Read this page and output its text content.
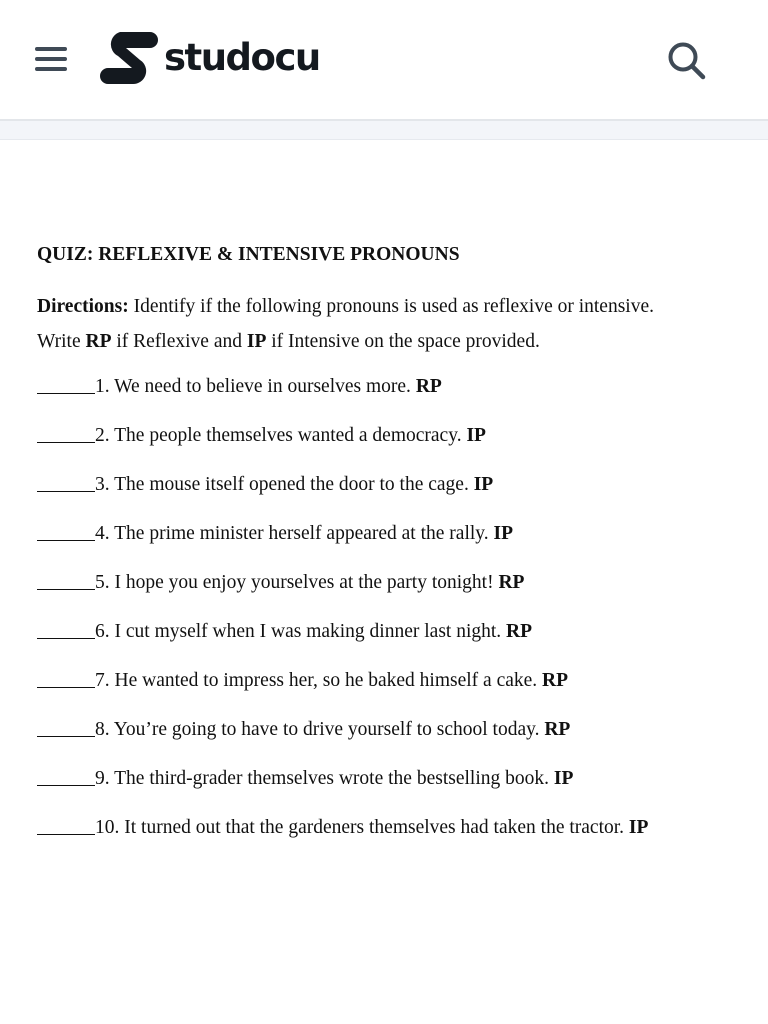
studocu
QUIZ: REFLEXIVE & INTENSIVE PRONOUNS
Directions: Identify if the following pronouns is used as reflexive or intensive.
Write RP if Reflexive and IP if Intensive on the space provided.
1. We need to believe in ourselves more. RP
2. The people themselves wanted a democracy. IP
3. The mouse itself opened the door to the cage. IP
4. The prime minister herself appeared at the rally. IP
5. I hope you enjoy yourselves at the party tonight! RP
6. I cut myself when I was making dinner last night. RP
7. He wanted to impress her, so he baked himself a cake. RP
8. You’re going to have to drive yourself to school today. RP
9. The third-grader themselves wrote the bestselling book. IP
10. It turned out that the gardeners themselves had taken the tractor. IP
